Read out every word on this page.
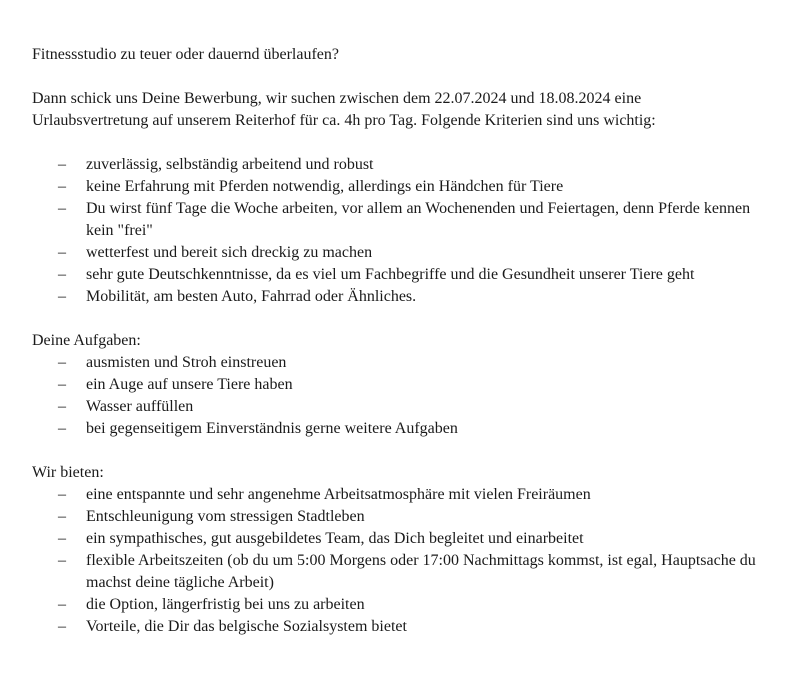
Fitnessstudio zu teuer oder dauernd überlaufen?

Dann schick uns Deine Bewerbung, wir suchen zwischen dem 22.07.2024 und 18.08.2024 eine Urlaubsvertretung auf unserem Reiterhof für ca. 4h pro Tag. Folgende Kriterien sind uns wichtig:

– zuverlässig, selbständig arbeitend und robust
– keine Erfahrung mit Pferden notwendig, allerdings ein Händchen für Tiere
– Du wirst fünf Tage die Woche arbeiten, vor allem an Wochenenden und Feiertagen, denn Pferde kennen kein "frei"
– wetterfest und bereit sich dreckig zu machen
– sehr gute Deutschkenntnisse, da es viel um Fachbegriffe und die Gesundheit unserer Tiere geht
– Mobilität, am besten Auto, Fahrrad oder Ähnliches.

Deine Aufgaben:

– ausmisten und Stroh einstreuen
– ein Auge auf unsere Tiere haben
– Wasser auffüllen
– bei gegenseitigem Einverständnis gerne weitere Aufgaben

Wir bieten:

– eine entspannte und sehr angenehme Arbeitsatmosphäre mit vielen Freiräumen
– Entschleunigung vom stressigen Stadtleben
– ein sympathisches, gut ausgebildetes Team, das Dich begleitet und einarbeitet
– flexible Arbeitszeiten (ob du um 5:00 Morgens oder 17:00 Nachmittags kommst, ist egal, Hauptsache du machst deine tägliche Arbeit)
– die Option, längerfristig bei uns zu arbeiten
– Vorteile, die Dir das belgische Sozialsystem bietet
